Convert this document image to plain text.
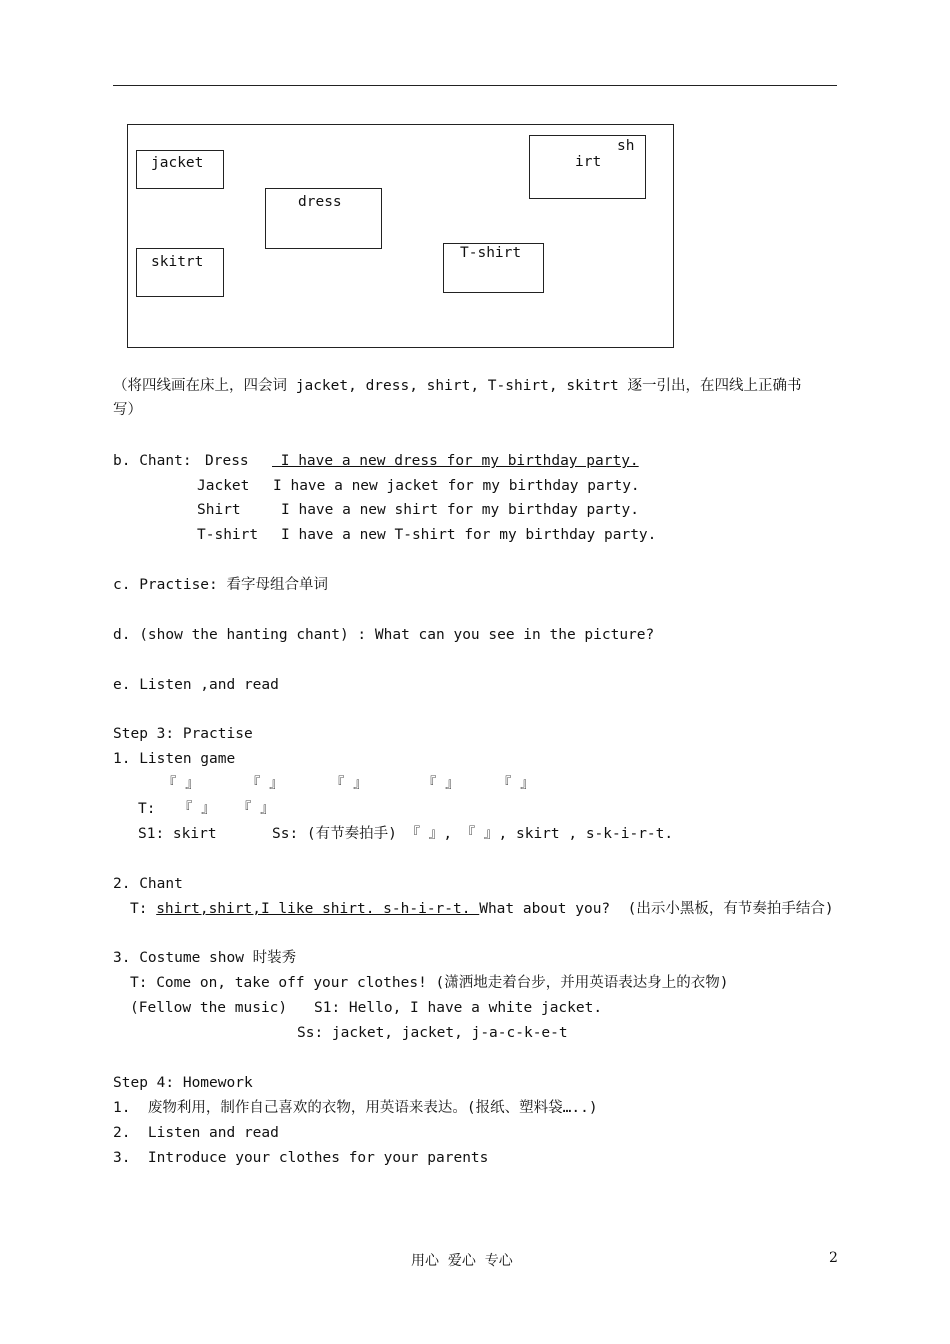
jacket
dress
sh
irt
skitrt
T-shirt
（将四线画在床上，四会词 jacket, dress, shirt, T-shirt, skitrt 逐一引出，在四线上正确书
写）
b. Chant: Dress I have a new dress for my birthday party.
Jacket I have a new jacket for my birthday party.
Shirt	I have a new shirt for my birthday party.
T-shirt I have a new T-shirt for my birthday party.
c. Practise: 看字母组合单词
d. (show the hanting chant) : What can you see in the picture?
e. Listen ,and read
Step 3: Practise
1. Listen game
『 』	『 』	『 』	『 』	『 』
T: 『 』 『 』
S1: skirt	Ss: (有节奏拍手) 『 』, 『 』, skirt , s-k-i-r-t.
2. Chant
T: shirt,shirt,I like shirt. s-h-i-r-t. What about you?  (出示小黑板，有节奏拍手结合)
3. Costume show 时装秀
T: Come on, take off your clothes! (潇洒地走着台步，并用英语表达身上的衣物)
(Fellow the music) S1: Hello, I have a white jacket.
Ss: jacket, jacket, j-a-c-k-e-t
Step 4: Homework
1.  废物利用，制作自己喜欢的衣物，用英语来表达。(报纸、塑料袋…..)
2.  Listen and read
3.  Introduce your clothes for your parents
用心  爱心  专心	2
